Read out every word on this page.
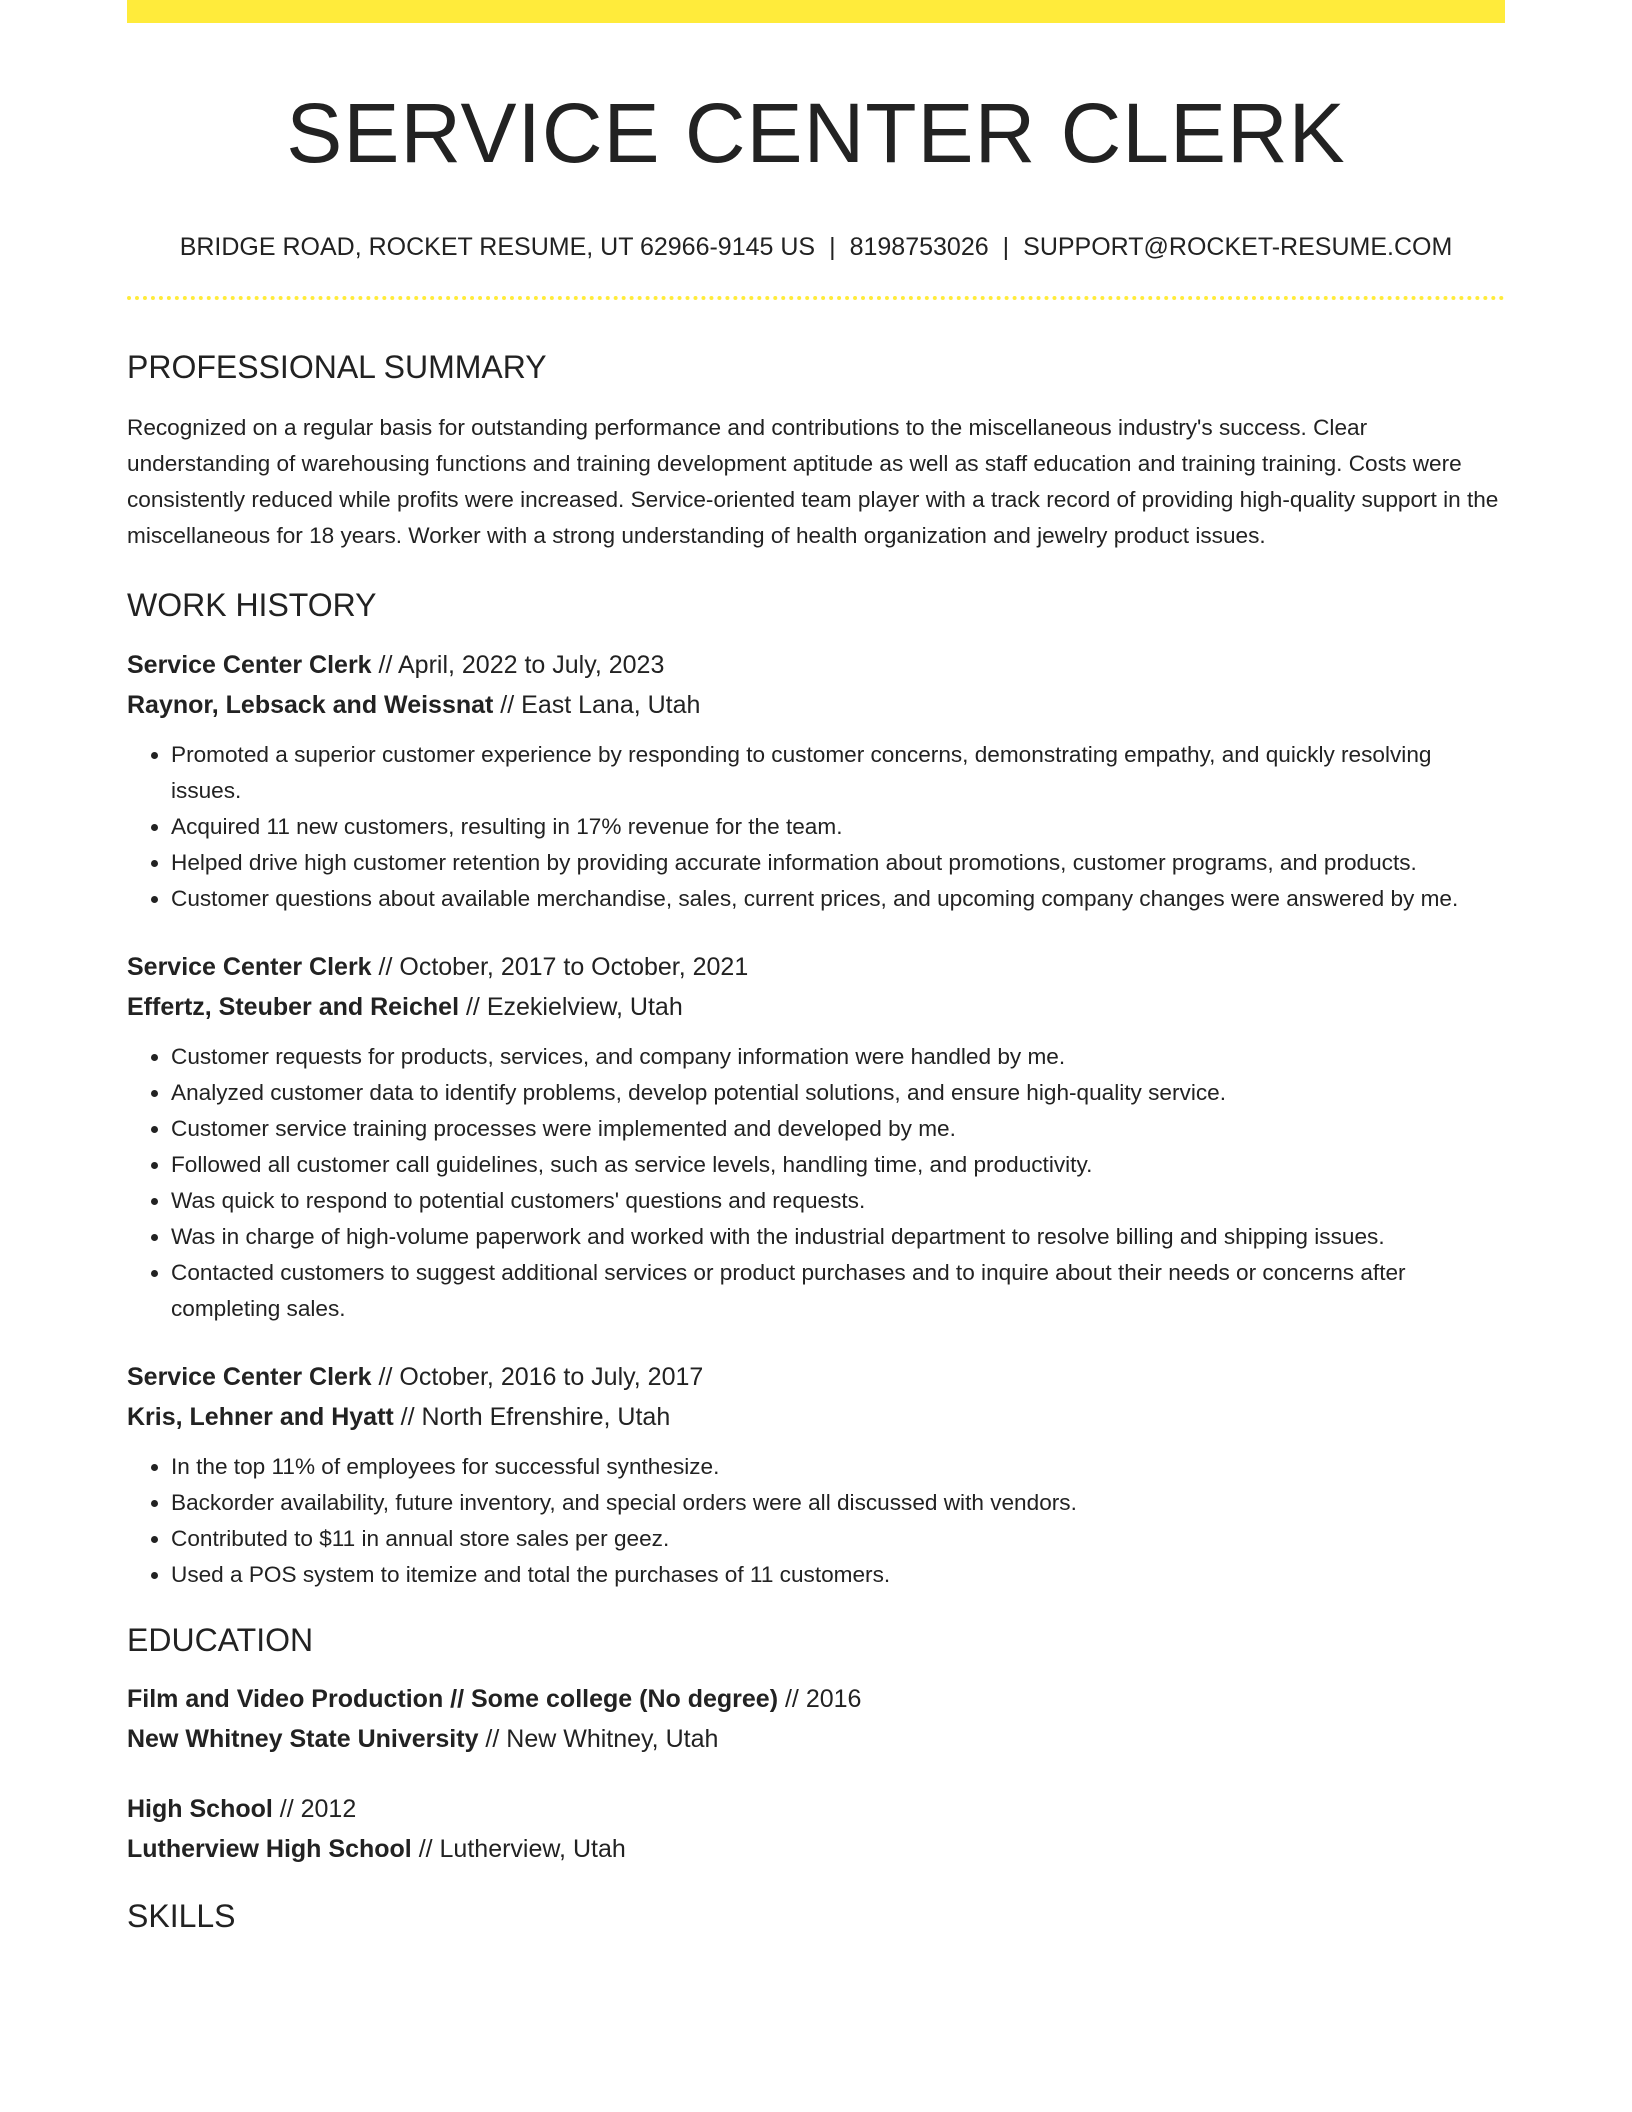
SERVICE CENTER CLERK
BRIDGE ROAD, ROCKET RESUME, UT 62966-9145 US | 8198753026 | SUPPORT@ROCKET-RESUME.COM
PROFESSIONAL SUMMARY

Recognized on a regular basis for outstanding performance and contributions to the miscellaneous industry's success. Clear understanding of warehousing functions and training development aptitude as well as staff education and training training. Costs were consistently reduced while profits were increased. Service-oriented team player with a track record of providing high-quality support in the miscellaneous for 18 years. Worker with a strong understanding of health organization and jewelry product issues.

WORK HISTORY
Service Center Clerk // April, 2022 to July, 2023
Raynor, Lebsack and Weissnat // East Lana, Utah
• Promoted a superior customer experience by responding to customer concerns, demonstrating empathy, and quickly resolving issues.
• Acquired 11 new customers, resulting in 17% revenue for the team.
• Helped drive high customer retention by providing accurate information about promotions, customer programs, and products.
• Customer questions about available merchandise, sales, current prices, and upcoming company changes were answered by me.
Service Center Clerk // October, 2017 to October, 2021
Effertz, Steuber and Reichel // Ezekielview, Utah
• Customer requests for products, services, and company information were handled by me.
• Analyzed customer data to identify problems, develop potential solutions, and ensure high-quality service.
• Customer service training processes were implemented and developed by me.
• Followed all customer call guidelines, such as service levels, handling time, and productivity.
• Was quick to respond to potential customers' questions and requests.
• Was in charge of high-volume paperwork and worked with the industrial department to resolve billing and shipping issues.
• Contacted customers to suggest additional services or product purchases and to inquire about their needs or concerns after completing sales.
Service Center Clerk // October, 2016 to July, 2017
Kris, Lehner and Hyatt // North Efrenshire, Utah
• In the top 11% of employees for successful synthesize.
• Backorder availability, future inventory, and special orders were all discussed with vendors.
• Contributed to $11 in annual store sales per geez.
• Used a POS system to itemize and total the purchases of 11 customers.
EDUCATION
Film and Video Production // Some college (No degree) // 2016
New Whitney State University // New Whitney, Utah
High School // 2012
Lutherview High School // Lutherview, Utah
SKILLS
